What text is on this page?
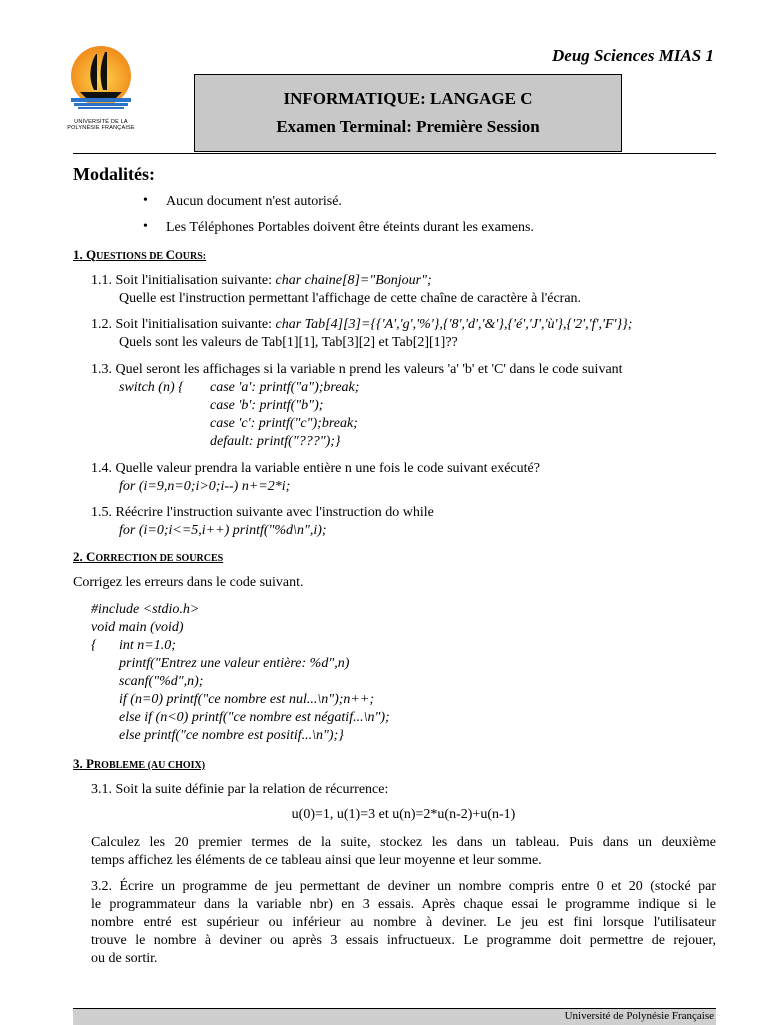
UNIVERSITÉ DE LA
POLYNÉSIE FRANÇAISE
Deug Sciences MIAS 1
INFORMATIQUE: LANGAGE C
Examen Terminal: Première Session
Modalités:
• Aucun document n'est autorisé.
• Les Téléphones Portables doivent être éteints durant les examens.
1. QUESTIONS DE COURS:
1.1. Soit l'initialisation suivante: char chaine[8]="Bonjour";
Quelle est l'instruction permettant l'affichage de cette chaîne de caractère à l'écran.
1.2. Soit l'initialisation suivante: char Tab[4][3]={{'A','g','%'},{'8','d','&'},{'é','J','ù'},{'2','f','F'}};
Quels sont les valeurs de Tab[1][1], Tab[3][2] et Tab[2][1]??
1.3. Quel seront les affichages si la variable n prend les valeurs 'a' 'b' et 'C' dans le code suivant
switch (n) { case 'a': printf("a");break;
case 'b': printf("b");
case 'c': printf("c");break;
default: printf("???");}
1.4. Quelle valeur prendra la variable entière n une fois le code suivant exécuté?
for (i=9,n=0;i>0;i--) n+=2*i;
1.5. Réécrire l'instruction suivante avec l'instruction do while
for (i=0;i<=5,i++) printf("%d\n",i);
2. CORRECTION DE SOURCES
Corrigez les erreurs dans le code suivant.
#include <stdio.h>
void main (void)
{ int n=1.0;
printf("Entrez une valeur entière: %d",n)
scanf("%d",n);
if (n=0) printf("ce nombre est nul...\n");n++;
else if (n<0) printf("ce nombre est négatif...\n");
else printf("ce nombre est positif...\n");}
3. PROBLEME (AU CHOIX)
3.1. Soit la suite définie par la relation de récurrence:
u(0)=1, u(1)=3 et u(n)=2*u(n-2)+u(n-1)
Calculez les 20 premier termes de la suite, stockez les dans un tableau. Puis dans un deuxième
temps affichez les éléments de ce tableau ainsi que leur moyenne et leur somme.
3.2. Écrire un programme de jeu permettant de deviner un nombre compris entre 0 et 20 (stocké par
le programmateur dans la variable nbr) en 3 essais. Après chaque essai le programme indique si le
nombre entré est supérieur ou inférieur au nombre à deviner. Le jeu est fini lorsque l'utilisateur
trouve le nombre à deviner ou après 3 essais infructueux. Le programme doit permettre de rejouer,
ou de sortir.
Université de Polynésie Française
